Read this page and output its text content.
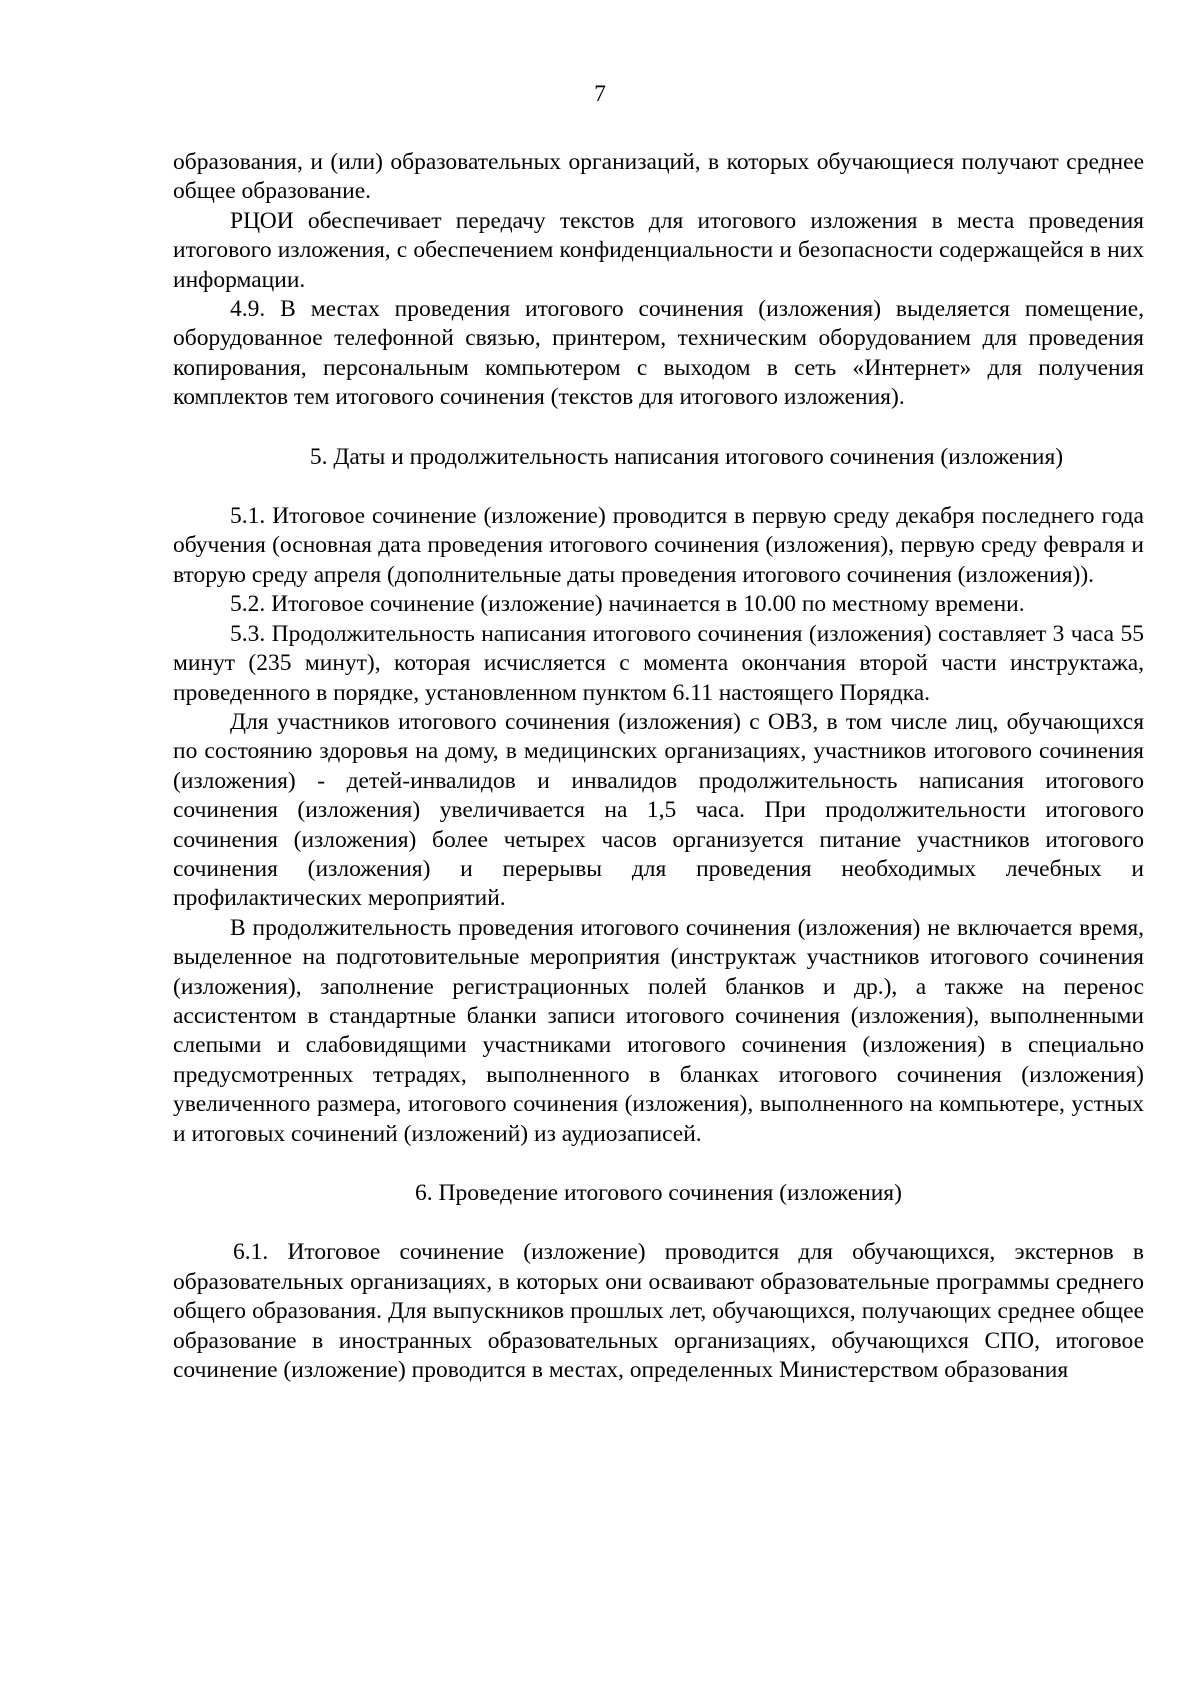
7

образования, и (или) образовательных организаций, в которых обучающиеся получают среднее общее образование.

РЦОИ обеспечивает передачу текстов для итогового изложения в места проведения итогового изложения, с обеспечением конфиденциальности и безопасности содержащейся в них информации.

4.9. В местах проведения итогового сочинения (изложения) выделяется помещение, оборудованное телефонной связью, принтером, техническим оборудованием для проведения копирования, персональным компьютером с выходом в сеть «Интернет» для получения комплектов тем итогового сочинения (текстов для итогового изложения).

5. Даты и продолжительность написания итогового сочинения (изложения)

5.1. Итоговое сочинение (изложение) проводится в первую среду декабря последнего года обучения (основная дата проведения итогового сочинения (изложения), первую среду февраля и вторую среду апреля (дополнительные даты проведения итогового сочинения (изложения)).

5.2. Итоговое сочинение (изложение) начинается в 10.00 по местному времени.

5.3. Продолжительность написания итогового сочинения (изложения) составляет 3 часа 55 минут (235 минут), которая исчисляется с момента окончания второй части инструктажа, проведенного в порядке, установленном пунктом 6.11 настоящего Порядка.

Для участников итогового сочинения (изложения) с ОВЗ, в том числе лиц, обучающихся по состоянию здоровья на дому, в медицинских организациях, участников итогового сочинения (изложения) - детей-инвалидов и инвалидов продолжительность написания итогового сочинения (изложения) увеличивается на 1,5 часа. При продолжительности итогового сочинения (изложения) более четырех часов организуется питание участников итогового сочинения (изложения) и перерывы для проведения необходимых лечебных и профилактических мероприятий.

В продолжительность проведения итогового сочинения (изложения) не включается время, выделенное на подготовительные мероприятия (инструктаж участников итогового сочинения (изложения), заполнение регистрационных полей бланков и др.), а также на перенос ассистентом в стандартные бланки записи итогового сочинения (изложения), выполненными слепыми и слабовидящими участниками итогового сочинения (изложения) в специально предусмотренных тетрадях, выполненного в бланках итогового сочинения (изложения) увеличенного размера, итогового сочинения (изложения), выполненного на компьютере, устных и итоговых сочинений (изложений) из аудиозаписей.

6. Проведение итогового сочинения (изложения)

6.1. Итоговое сочинение (изложение) проводится для обучающихся, экстернов в образовательных организациях, в которых они осваивают образовательные программы среднего общего образования. Для выпускников прошлых лет, обучающихся, получающих среднее общее образование в иностранных образовательных организациях, обучающихся СПО, итоговое сочинение (изложение) проводится в местах, определенных Министерством образования
